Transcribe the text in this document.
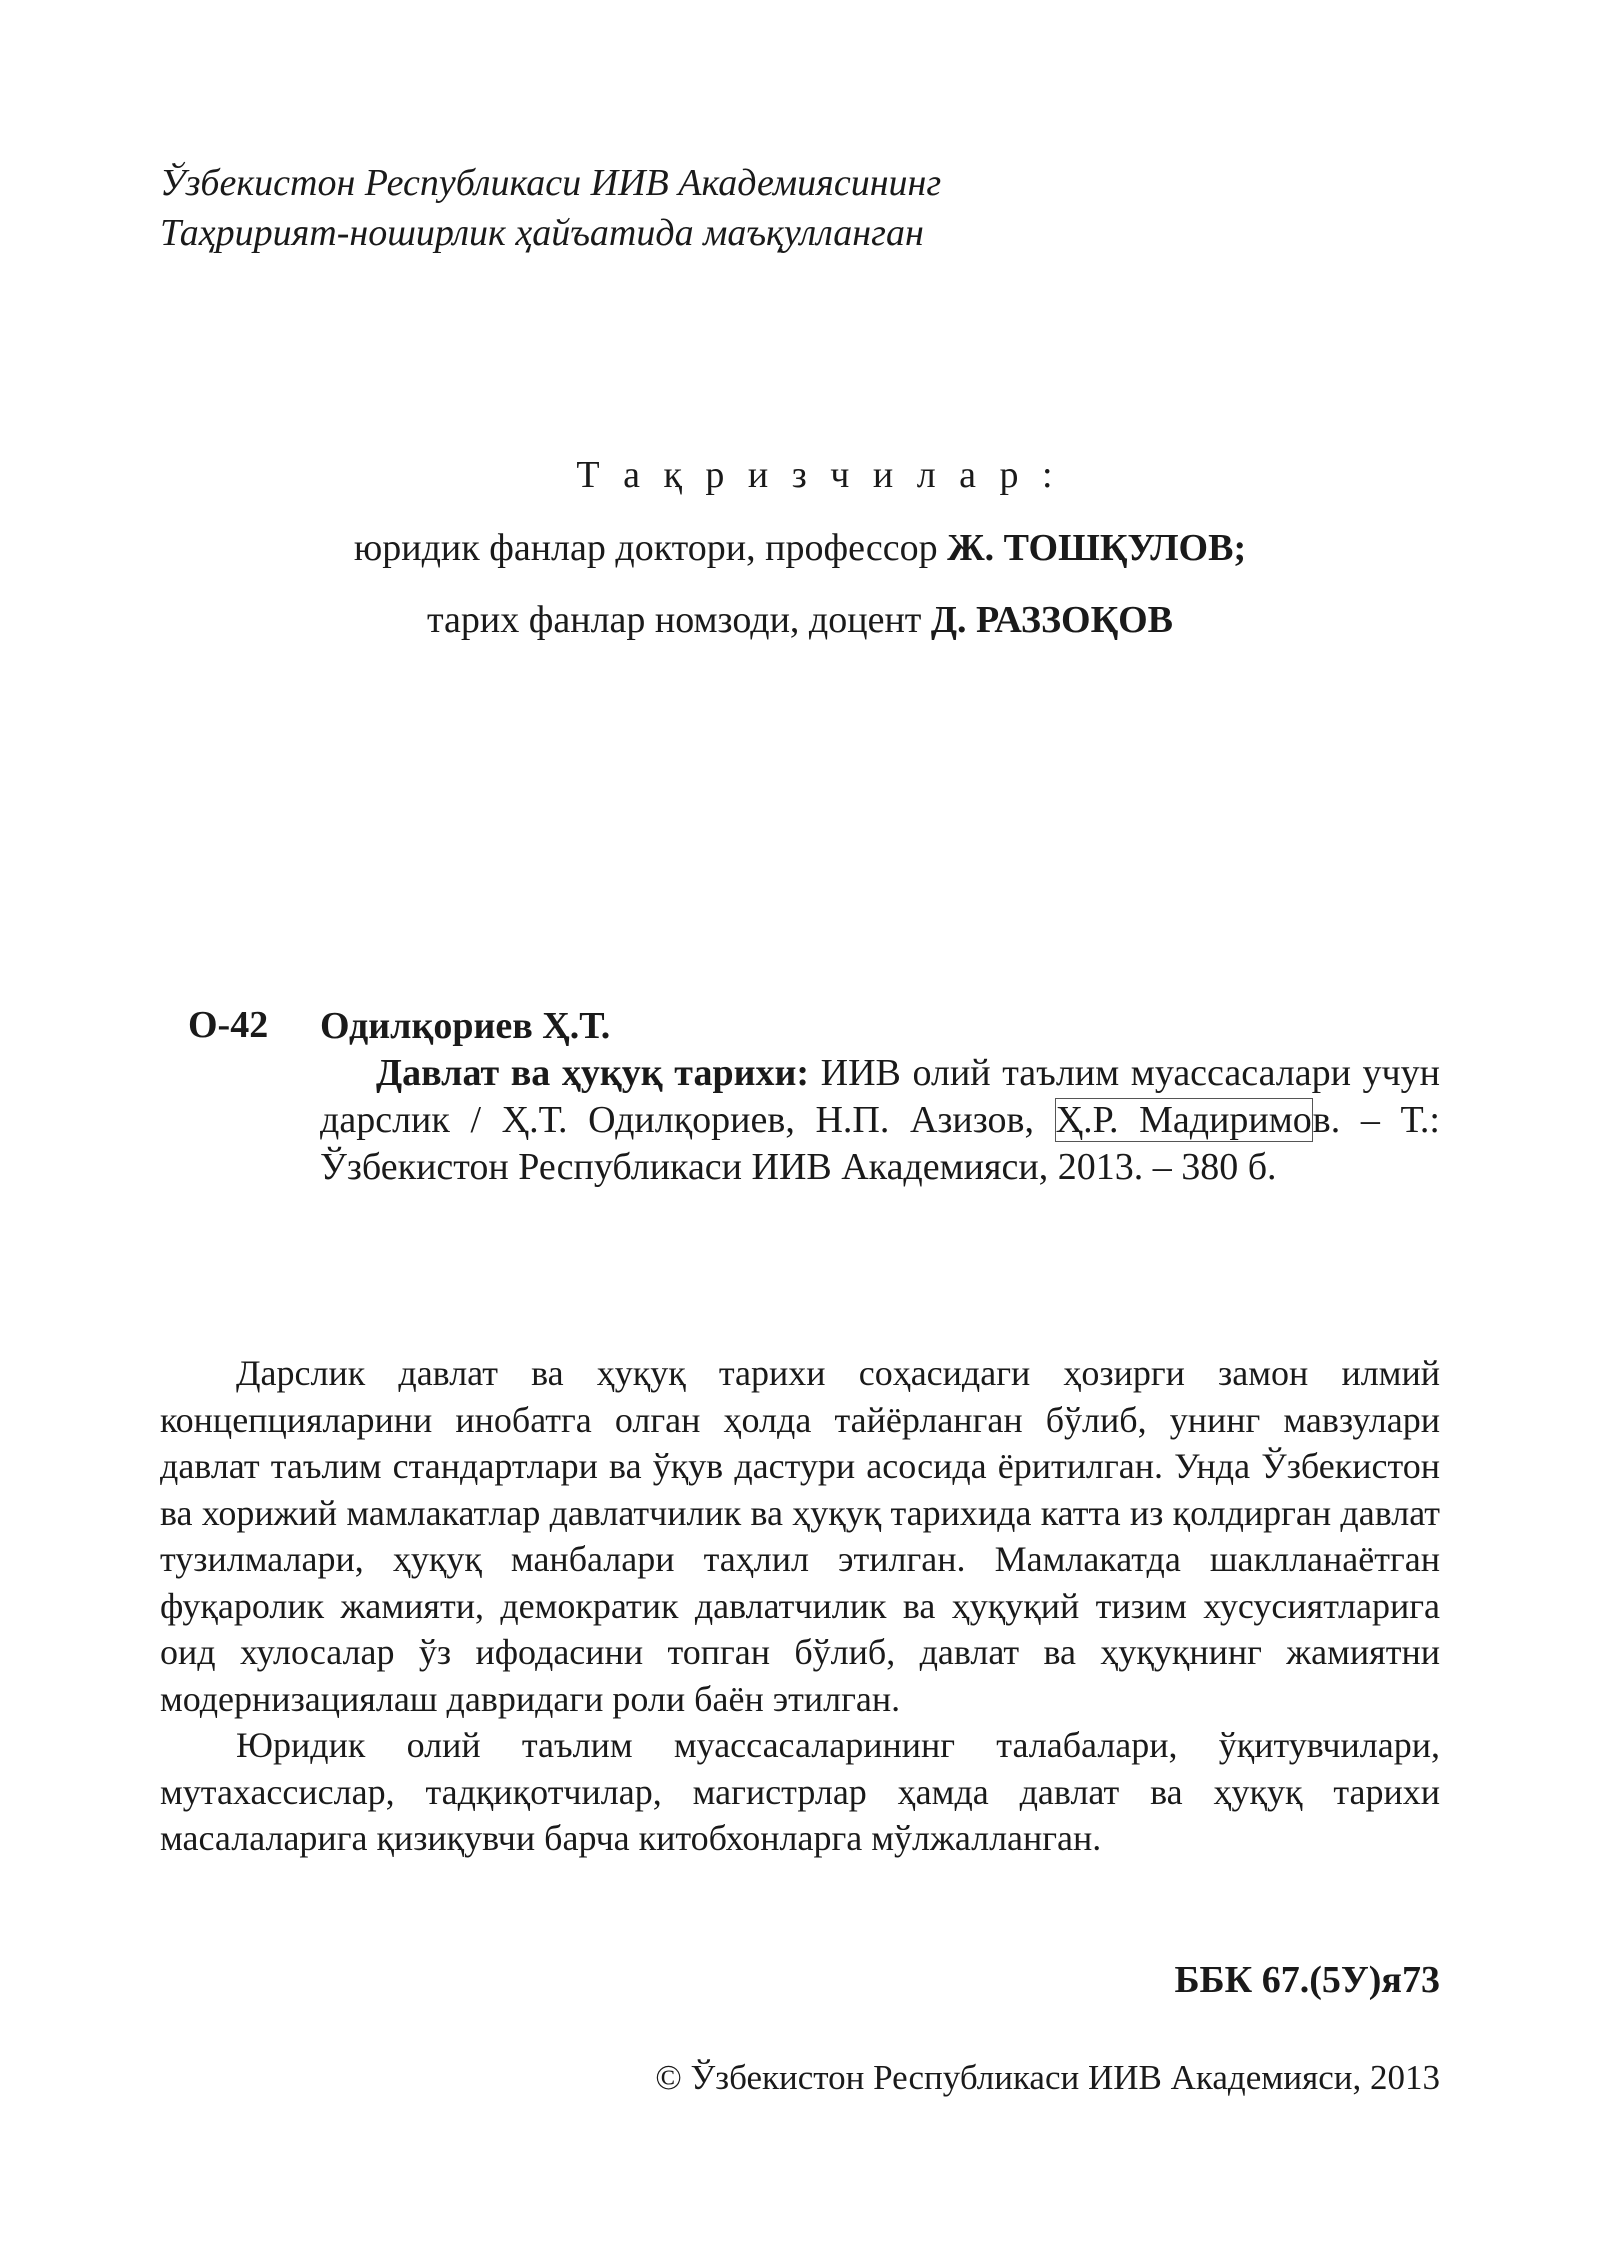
Ўзбекистон Республикаси ИИВ Академиясининг
Таҳририят-ноширлик ҳайъатида маъқулланган
Т а қ р и з ч и л а р :
юридик фанлар доктори, профессор Ж. ТОШҚУЛОВ;
тарих фанлар номзоди, доцент Д. РАЗЗОҚОВ
О-42 Одилқориев Ҳ.Т.
Давлат ва ҳуқуқ тарихи: ИИВ олий таълим муассасалари учун дарслик / Ҳ.Т. Одилқориев, Н.П. Азизов, Ҳ.Р. Мадиримов. – Т.: Ўзбекистон Республикаси ИИВ Академияси, 2013. – 380 б.

Дарслик давлат ва ҳуқуқ тарихи соҳасидаги ҳозирги замон илмий концепцияларини инобатга олган ҳолда тайёрланган бўлиб, унинг мавзулари давлат таълим стандартлари ва ўқув дастури асосида ёритилган. Унда Ўзбекистон ва хорижий мамлакатлар давлатчилик ва ҳуқуқ тарихида катта из қолдирган давлат тузилмалари, ҳуқуқ манбалари таҳлил этилган. Мамлакатда шаклланаётган фуқаролик жамияти, демократик давлатчилик ва ҳуқуқий тизим хусусиятларига оид хулосалар ўз ифодасини топган бўлиб, давлат ва ҳуқуқнинг жамиятни модернизациялаш давридаги роли баён этилган.

Юридик олий таълим муассасаларининг талабалари, ўқитувчилари, мутахассислар, тадқиқотчилар, магистрлар ҳамда давлат ва ҳуқуқ тарихи масалаларига қизиқувчи барча китобхонларга мўлжалланган.

ББК 67.(5У)я73
© Ўзбекистон Республикаси ИИВ Академияси, 2013
